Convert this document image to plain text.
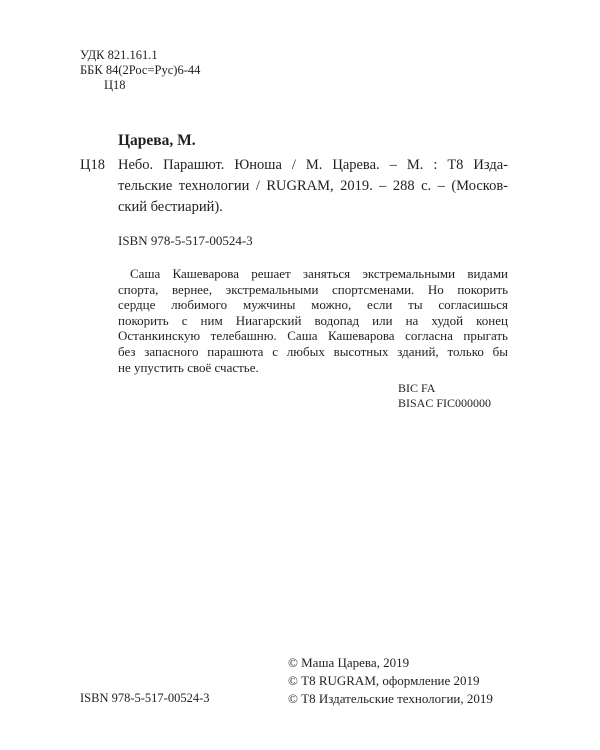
УДК 821.161.1
ББК 84(2Рос=Рус)6-44
Ц18
Царева, М.
Ц18 Небо. Парашют. Юноша / М. Царева. – М. : Т8 Изда-
тельские технологии / RUGRAM, 2019. – 288 с. – (Москов-
ский бестиарий).
ISBN 978-5-517-00524-3
Саша Кашеварова решает заняться экстремальными видами
спорта, вернее, экстремальными спортсменами. Но покорить
сердце любимого мужчины можно, если ты согласишься
покорить с ним Ниагарский водопад или на худой конец
Останкинскую телебашню. Саша Кашеварова согласна прыгать
без запасного парашюта с любых высотных зданий, только бы
не упустить своё счастье.
BIC FA
BISAC FIC000000
© Маша Царева, 2019
© Т8 RUGRAM, оформление 2019
© Т8 Издательские технологии, 2019
ISBN 978-5-517-00524-3
